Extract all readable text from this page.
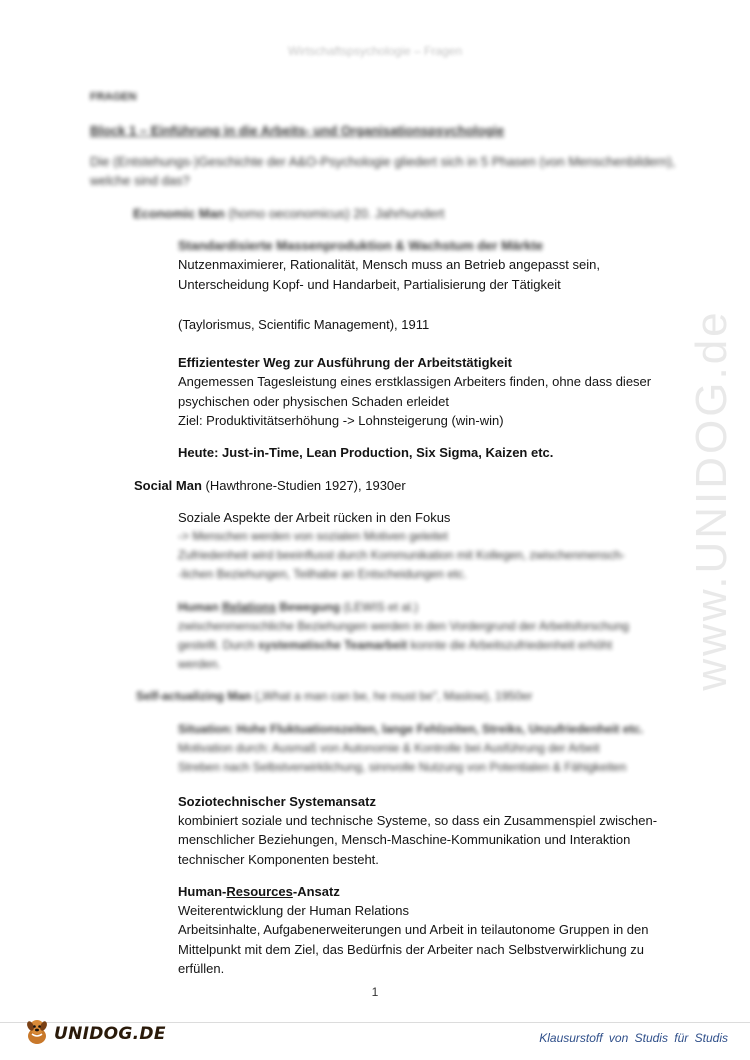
Wirtschaftspsychologie – Fragen
www.UNIDOG.de
FRAGEN
Block 1 – Einführung in die Arbeits- und Organisationspsychologie
Die (Entstehungs-)Geschichte der A&O-Psychologie gliedert sich in 5 Phasen (von Menschenbildern),
welche sind das?
Economic Man (homo oeconomicus) 20. Jahrhundert
Standardisierte Massenproduktion & Wachstum der Märkte
Nutzenmaximierer, Rationalität, Mensch muss an Betrieb angepasst sein,
Unterscheidung Kopf- und Handarbeit, Partialisierung der Tätigkeit
(Taylorismus, Scientific Management), 1911
Effizientester Weg zur Ausführung der Arbeitstätigkeit
Angemessen Tagesleistung eines erstklassigen Arbeiters finden, ohne dass dieser
psychischen oder physischen Schaden erleidet
Ziel: Produktivitätserhöhung -> Lohnsteigerung (win-win)
Heute: Just-in-Time, Lean Production, Six Sigma, Kaizen etc.
Social Man (Hawthrone-Studien 1927), 1930er
Soziale Aspekte der Arbeit rücken in den Fokus
-> Menschen werden von sozialen Motiven geleitet
Zufriedenheit wird beeinflusst durch Kommunikation mit Kollegen, zwischenmensch-
-lichen Beziehungen, Teilhabe an Entscheidungen etc.
Human Relations Bewegung (LEWIS et al.)
zwischenmenschliche Beziehungen werden in den Vordergrund der Arbeitsforschung
gestellt. Durch systematische Teamarbeit konnte die Arbeitszufriedenheit erhöht
werden.
Self-actualizing Man („What a man can be, he must be", Maslow), 1950er
Situation: Hohe Fluktuationszeiten, lange Fehlzeiten, Streiks, Unzufriedenheit etc.
Motivation durch: Ausmaß von Autonomie & Kontrolle bei Ausführung der Arbeit
Streben nach Selbstverwirklichung, sinnvolle Nutzung von Potentialen & Fähigkeiten
Soziotechnischer Systemansatz
kombiniert soziale und technische Systeme, so dass ein Zusammenspiel zwischen-
menschlicher Beziehungen, Mensch-Maschine-Kommunikation und Interaktion
technischer Komponenten besteht.
Human-Resources-Ansatz
Weiterentwicklung der Human Relations
Arbeitsinhalte, Aufgabenerweiterungen und Arbeit in teilautonome Gruppen in den
Mittelpunkt mit dem Ziel, das Bedürfnis der Arbeiter nach Selbstverwirklichung zu
erfüllen.
1
UNIDOG.DE	Klausurstoff von Studis für Studis
